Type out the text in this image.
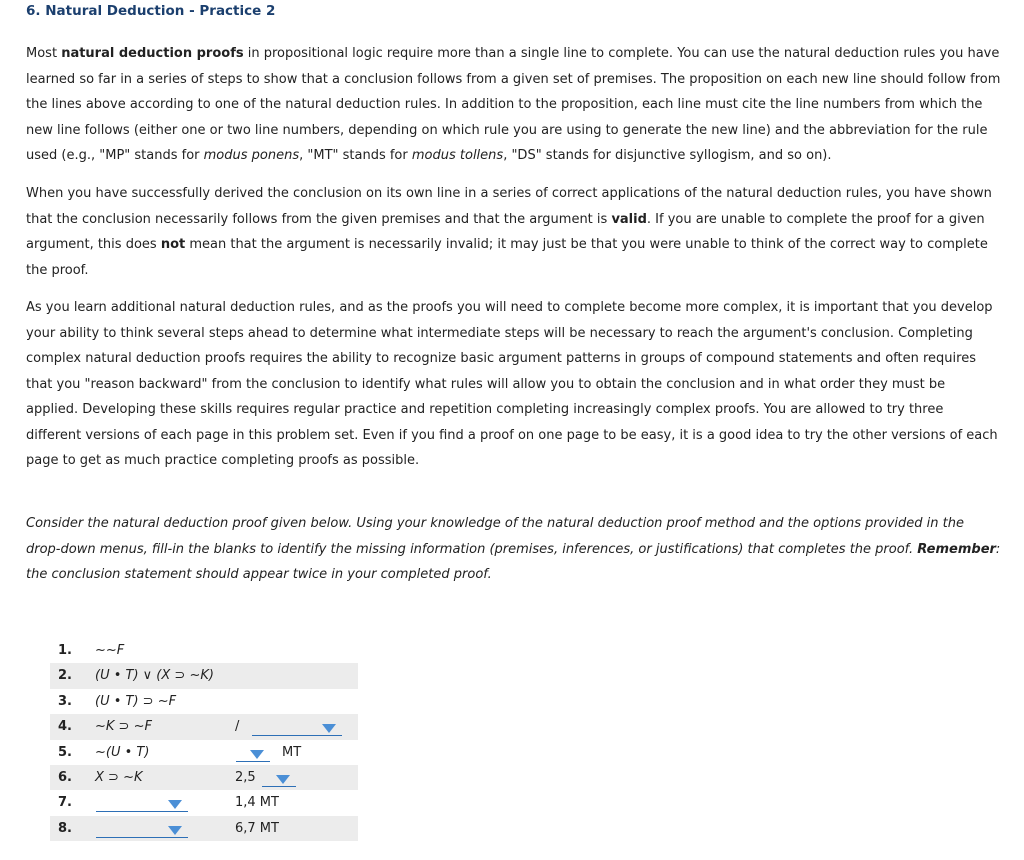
6. Natural Deduction - Practice 2

Most natural deduction proofs in propositional logic require more than a single line to complete. You can use the natural deduction rules you have learned so far in a series of steps to show that a conclusion follows from a given set of premises. The proposition on each new line should follow from the lines above according to one of the natural deduction rules. In addition to the proposition, each line must cite the line numbers from which the new line follows (either one or two line numbers, depending on which rule you are using to generate the new line) and the abbreviation for the rule used (e.g., "MP" stands for modus ponens, "MT" stands for modus tollens, "DS" stands for disjunctive syllogism, and so on).

When you have successfully derived the conclusion on its own line in a series of correct applications of the natural deduction rules, you have shown that the conclusion necessarily follows from the given premises and that the argument is valid. If you are unable to complete the proof for a given argument, this does not mean that the argument is necessarily invalid; it may just be that you were unable to think of the correct way to complete the proof.

As you learn additional natural deduction rules, and as the proofs you will need to complete become more complex, it is important that you develop your ability to think several steps ahead to determine what intermediate steps will be necessary to reach the argument's conclusion. Completing complex natural deduction proofs requires the ability to recognize basic argument patterns in groups of compound statements and often requires that you "reason backward" from the conclusion to identify what rules will allow you to obtain the conclusion and in what order they must be applied. Developing these skills requires regular practice and repetition completing increasingly complex proofs. You are allowed to try three different versions of each page in this problem set. Even if you find a proof on one page to be easy, it is a good idea to try the other versions of each page to get as much practice completing proofs as possible.

Consider the natural deduction proof given below. Using your knowledge of the natural deduction proof method and the options provided in the drop-down menus, fill-in the blanks to identify the missing information (premises, inferences, or justifications) that completes the proof. Remember: the conclusion statement should appear twice in your completed proof.

1. ~~F
2. (U • T) ∨ (X ⊃ ~K)
3. (U • T) ⊃ ~F
4. ~K ⊃ ~F	/
5. ~(U • T)	MT
6. X ⊃ ~K	2,5
7.	1,4 MT
8.	6,7 MT
